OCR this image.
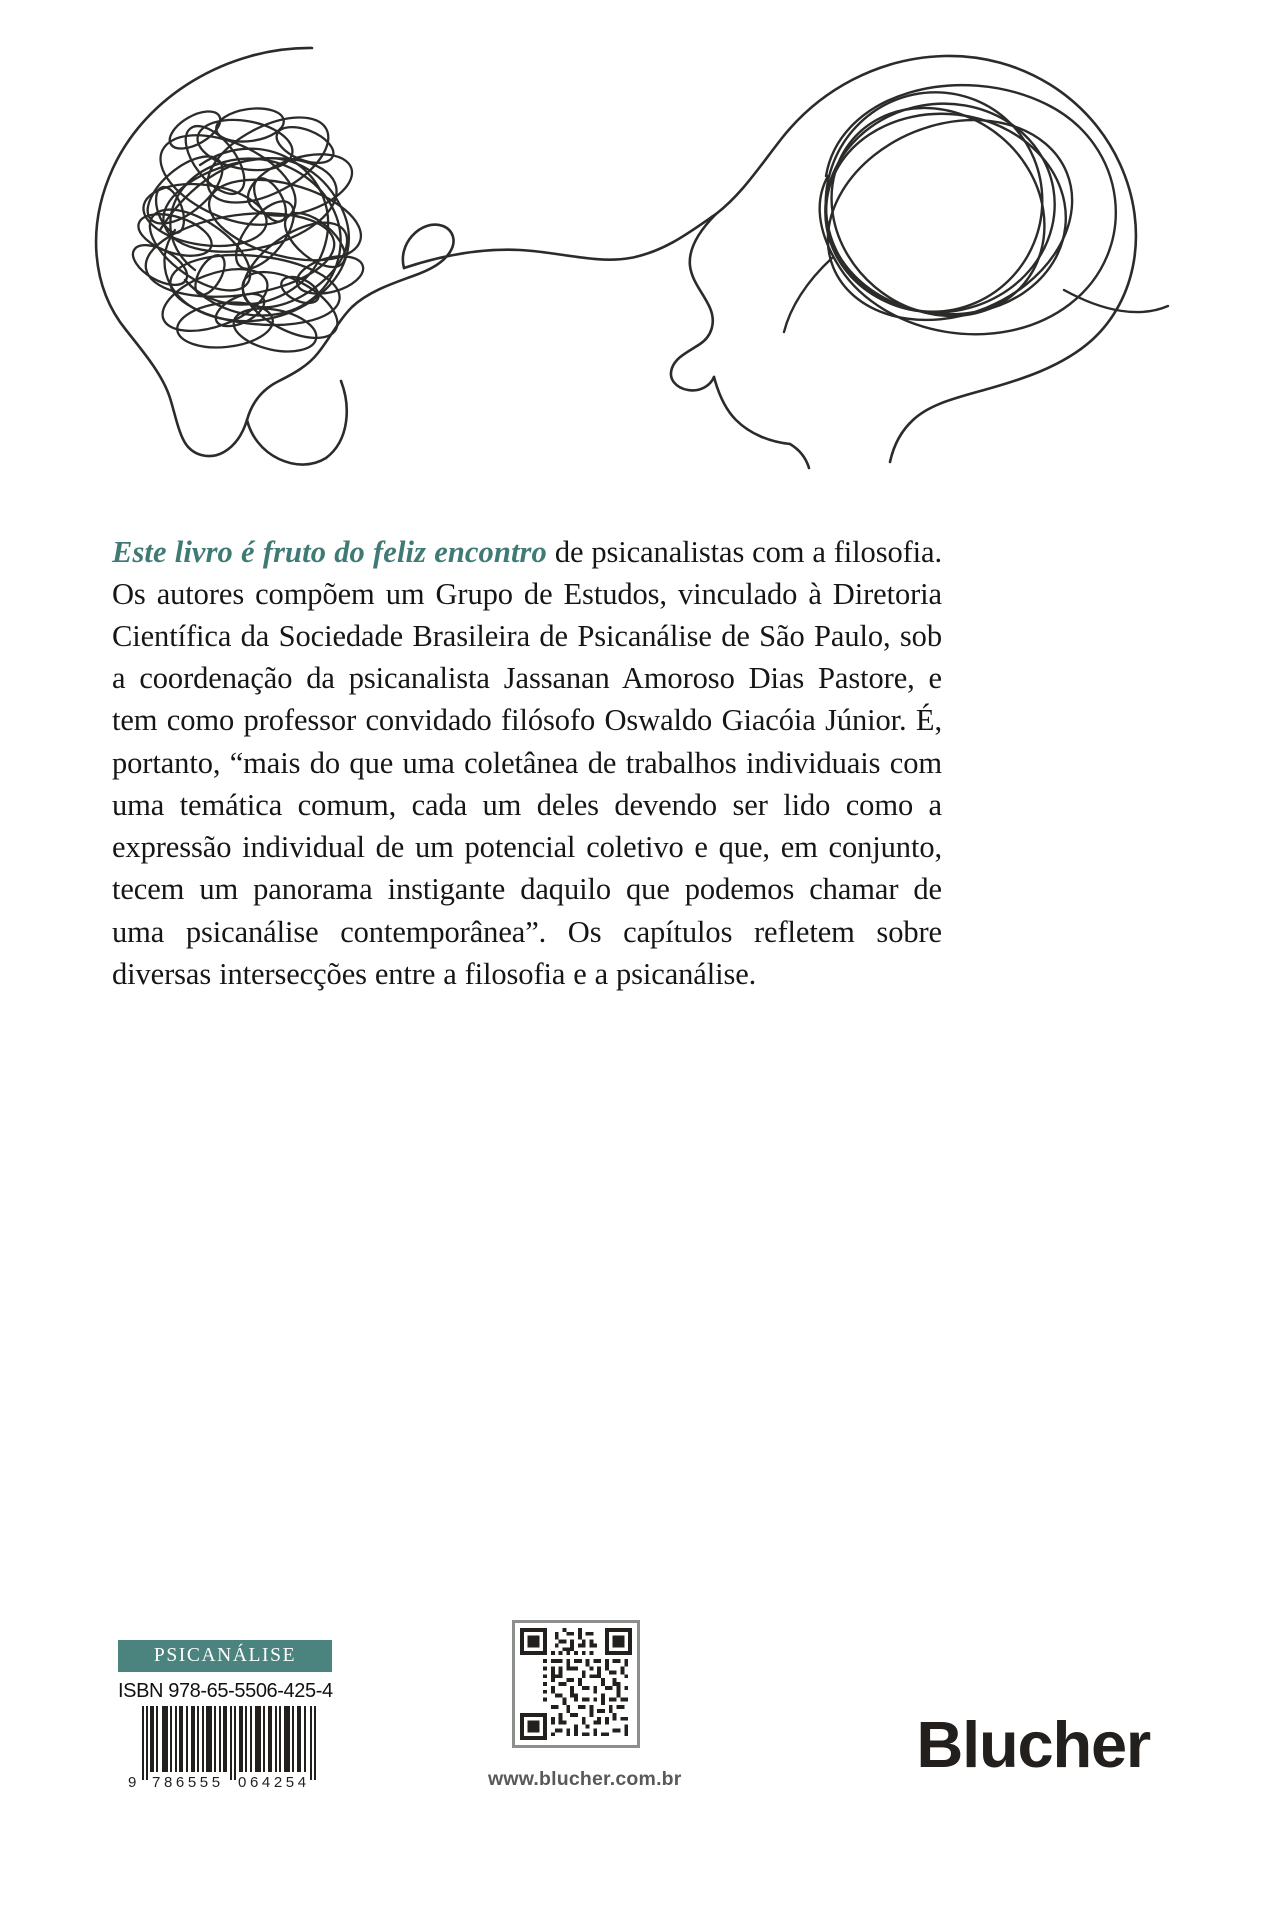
Este livro é fruto do feliz encontro de psicanalistas com a filosofia. Os autores compõem um Grupo de Estudos, vinculado à Diretoria Científica da Sociedade Brasileira de Psicanálise de São Paulo, sob a coordenação da psicanalista Jassanan Amoroso Dias Pastore, e tem como professor convidado filósofo Oswaldo Giacóia Júnior. É, portanto, “mais do que uma coletânea de trabalhos individuais com uma temática comum, cada um deles devendo ser lido como a expressão individual de um potencial coletivo e que, em conjunto, tecem um panorama instigante daquilo que podemos chamar de uma psicanálise contemporânea”. Os capítulos refletem sobre diversas intersecções entre a filosofia e a psicanálise.

PSICANÁLISE
ISBN 978-65-5506-425-4
9 786555 064254	www.blucher.com.br	Blucher
